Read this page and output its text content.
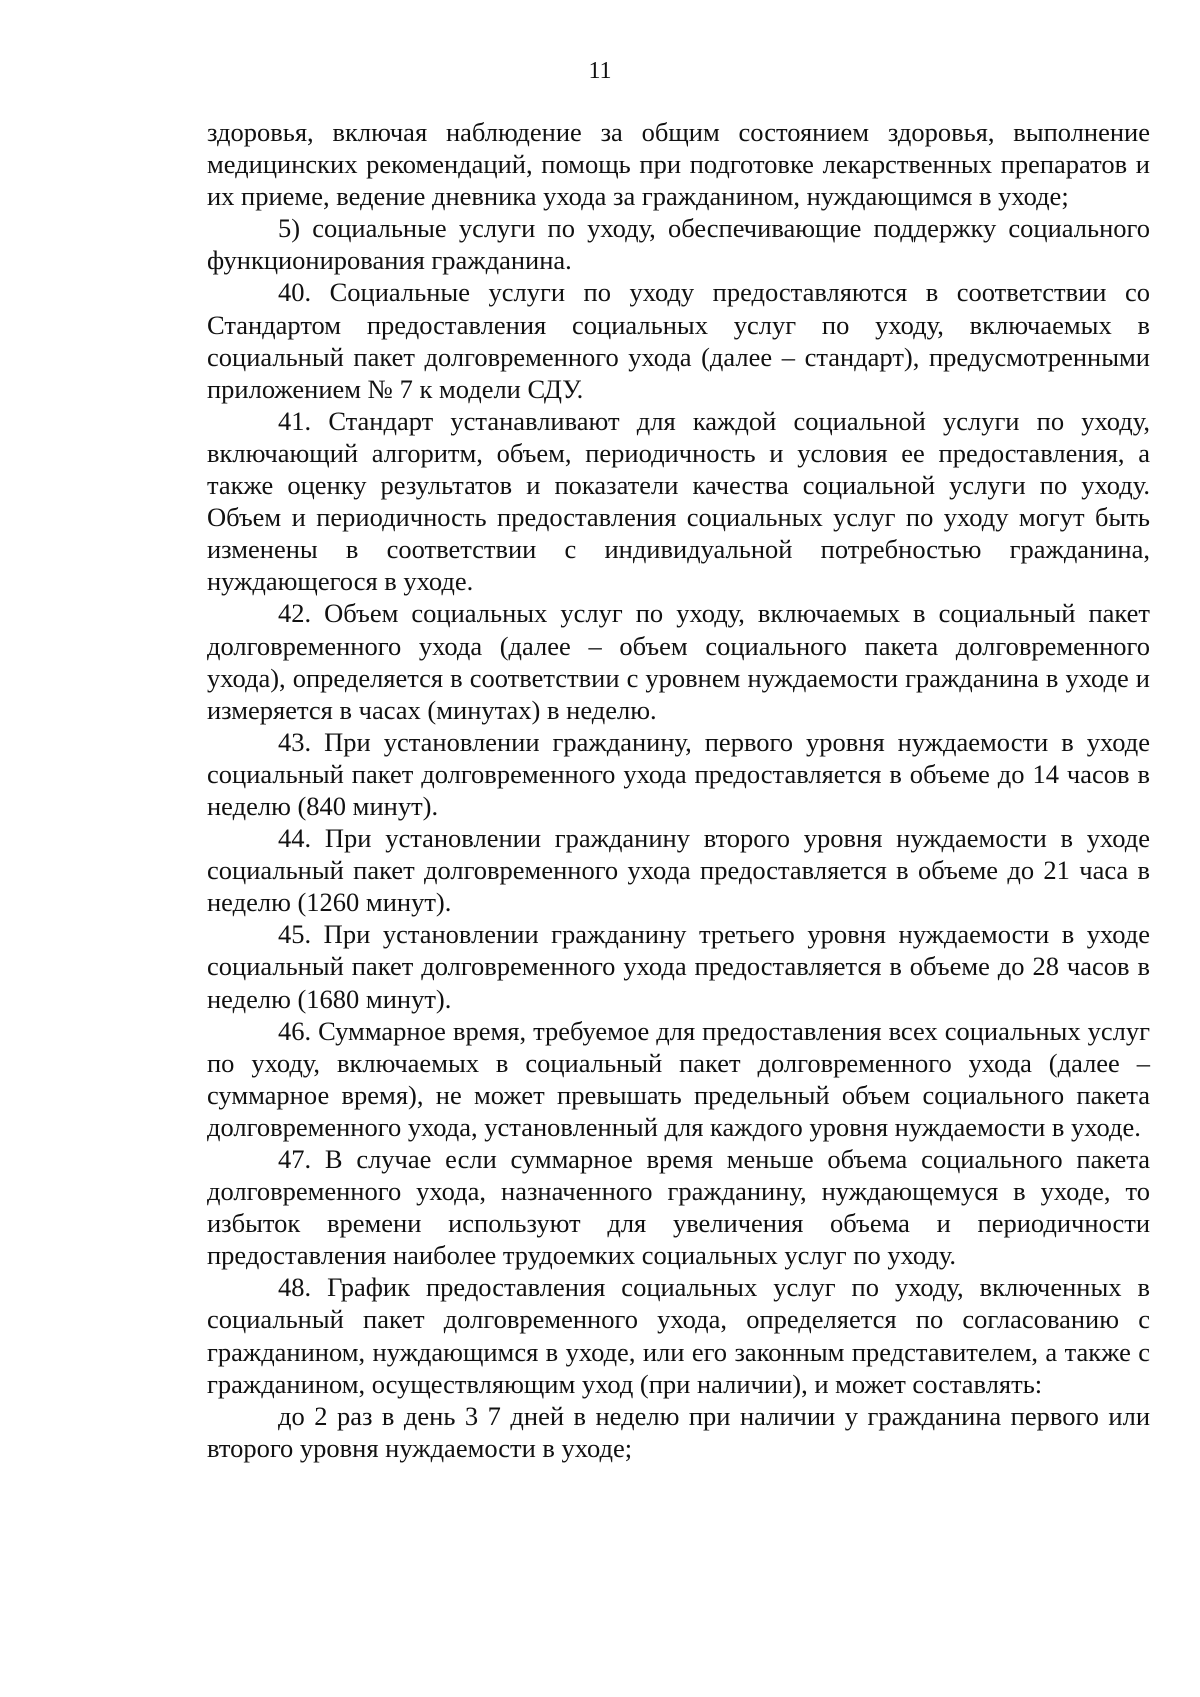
11

здоровья, включая наблюдение за общим состоянием здоровья, выполнение медицинских рекомендаций, помощь при подготовке лекарственных препаратов и их приеме, ведение дневника ухода за гражданином, нуждающимся в уходе;

5) социальные услуги по уходу, обеспечивающие поддержку социального функционирования гражданина.

40. Социальные услуги по уходу предоставляются в соответствии со Стандартом предоставления социальных услуг по уходу, включаемых в социальный пакет долговременного ухода (далее – стандарт), предусмотренными приложением № 7 к модели СДУ.

41. Стандарт устанавливают для каждой социальной услуги по уходу, включающий алгоритм, объем, периодичность и условия ее предоставления, а также оценку результатов и показатели качества социальной услуги по уходу. Объем и периодичность предоставления социальных услуг по уходу могут быть изменены в соответствии с индивидуальной потребностью гражданина, нуждающегося в уходе.

42. Объем социальных услуг по уходу, включаемых в социальный пакет долговременного ухода (далее – объем социального пакета долговременного ухода), определяется в соответствии с уровнем нуждаемости гражданина в уходе и измеряется в часах (минутах) в неделю.

43. При установлении гражданину, первого уровня нуждаемости в уходе социальный пакет долговременного ухода предоставляется в объеме до 14 часов в неделю (840 минут).

44. При установлении гражданину второго уровня нуждаемости в уходе социальный пакет долговременного ухода предоставляется в объеме до 21 часа в неделю (1260 минут).

45. При установлении гражданину третьего уровня нуждаемости в уходе социальный пакет долговременного ухода предоставляется в объеме до 28 часов в неделю (1680 минут).

46. Суммарное время, требуемое для предоставления всех социальных услуг по уходу, включаемых в социальный пакет долговременного ухода (далее – суммарное время), не может превышать предельный объем социального пакета долговременного ухода, установленный для каждого уровня нуждаемости в уходе.

47. В случае если суммарное время меньше объема социального пакета долговременного ухода, назначенного гражданину, нуждающемуся в уходе, то избыток времени используют для увеличения объема и периодичности предоставления наиболее трудоемких социальных услуг по уходу.

48. График предоставления социальных услуг по уходу, включенных в социальный пакет долговременного ухода, определяется по согласованию с гражданином, нуждающимся в уходе, или его законным представителем, а также с гражданином, осуществляющим уход (при наличии), и может составлять:

до 2 раз в день 3 7 дней в неделю при наличии у гражданина первого или второго уровня нуждаемости в уходе;
